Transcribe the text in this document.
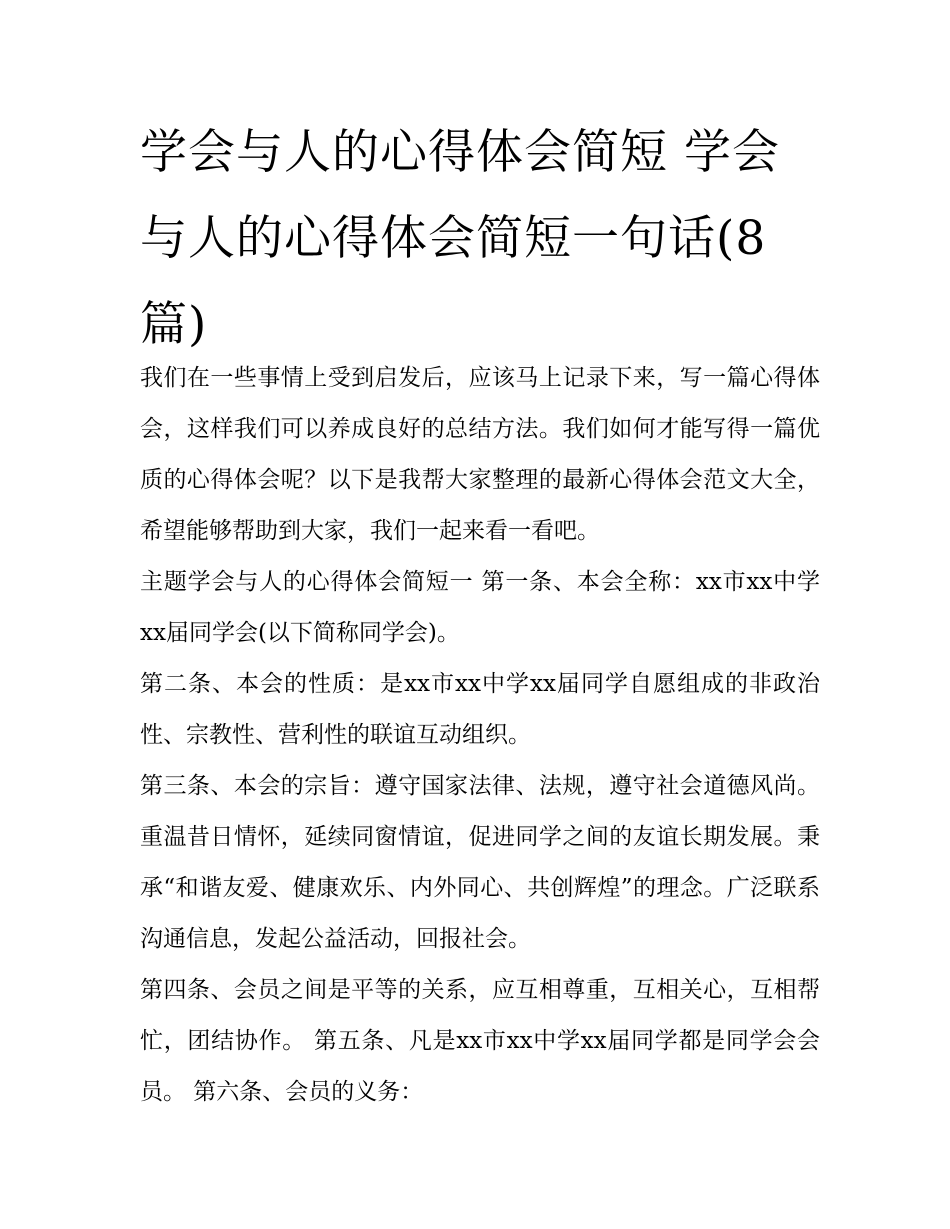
学会与人的心得体会简短 学会与人的心得体会简短一句话(8篇)

我们在一些事情上受到启发后，应该马上记录下来，写一篇心得体会，这样我们可以养成良好的总结方法。我们如何才能写得一篇优质的心得体会呢？以下是我帮大家整理的最新心得体会范文大全，希望能够帮助到大家，我们一起来看一看吧。

主题学会与人的心得体会简短一 第一条、本会全称：xx市xx中学xx届同学会(以下简称同学会)。

第二条、本会的性质：是xx市xx中学xx届同学自愿组成的非政治性、宗教性、营利性的联谊互动组织。

第三条、本会的宗旨：遵守国家法律、法规，遵守社会道德风尚。重温昔日情怀，延续同窗情谊，促进同学之间的友谊长期发展。秉承“和谐友爱、健康欢乐、内外同心、共创辉煌”的理念。广泛联系沟通信息，发起公益活动，回报社会。

第四条、会员之间是平等的关系，应互相尊重，互相关心，互相帮忙，团结协作。 第五条、凡是xx市xx中学xx届同学都是同学会会员。 第六条、会员的义务：
